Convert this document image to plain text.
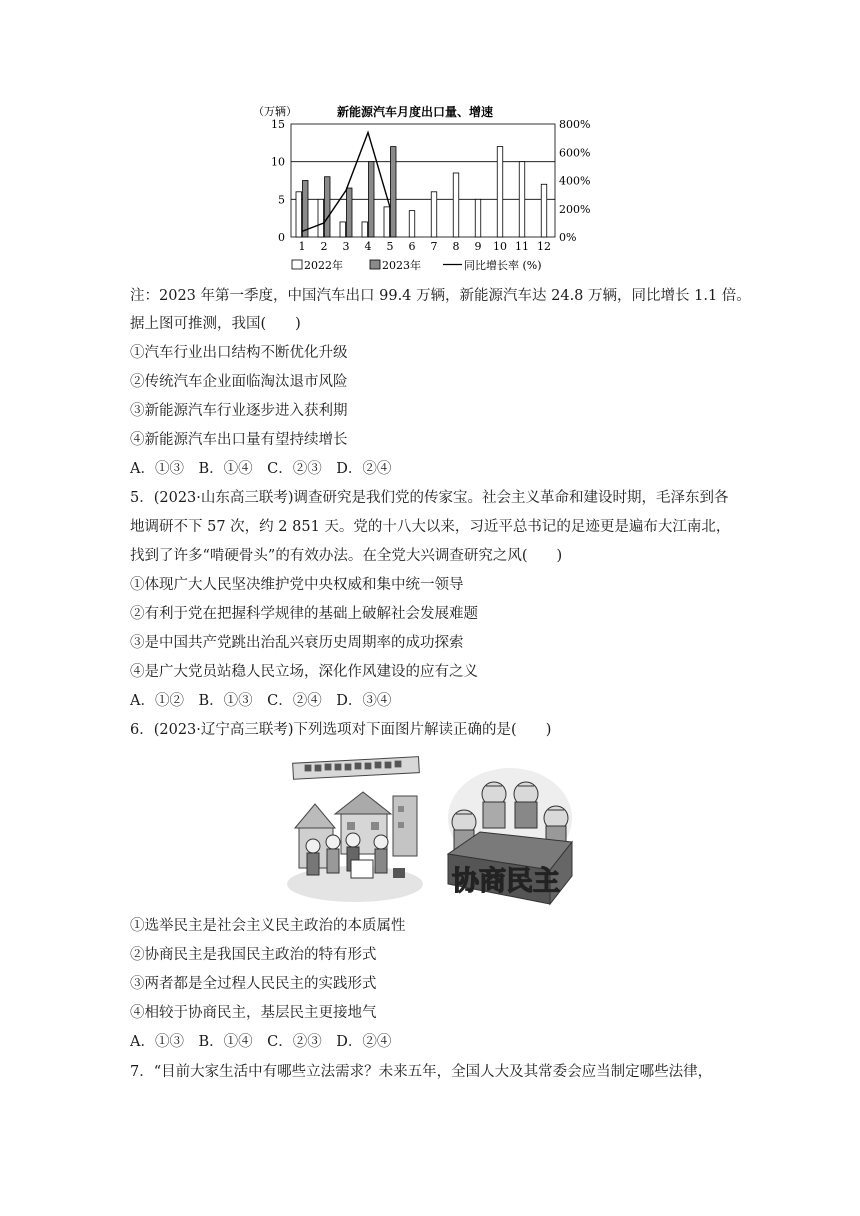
（万辆）	新能源汽车月度出口量、增速
0
5
10
15
0%
200%
400%
600%
800%
1 2 3 4 5 6 7 8 9 10 11 12
2022年	2023年	同比增长率 (%)
注：2023 年第一季度，中国汽车出口 99.4 万辆，新能源汽车达 24.8 万辆，同比增长 1.1 倍。
据上图可推测，我国(　　)
①汽车行业出口结构不断优化升级
②传统汽车企业面临淘汰退市风险
③新能源汽车行业逐步进入获利期
④新能源汽车出口量有望持续增长
A．①③　B．①④　C．②③　D．②④
5．(2023·山东高三联考)调查研究是我们党的传家宝。社会主义革命和建设时期，毛泽东到各
地调研不下 57 次，约 2 851 天。党的十八大以来，习近平总书记的足迹更是遍布大江南北，
找到了许多“啃硬骨头”的有效办法。在全党大兴调查研究之风(　　)
①体现广大人民坚决维护党中央权威和集中统一领导
②有利于党在把握科学规律的基础上破解社会发展难题
③是中国共产党跳出治乱兴衰历史周期率的成功探索
④是广大党员站稳人民立场，深化作风建设的应有之义
A．①②　B．①③　C．②④　D．③④
6．(2023·辽宁高三联考)下列选项对下面图片解读正确的是(　　)
协商民主
①选举民主是社会主义民主政治的本质属性
②协商民主是我国民主政治的特有形式
③两者都是全过程人民民主的实践形式
④相较于协商民主，基层民主更接地气
A．①③　B．①④　C．②③　D．②④
7．“目前大家生活中有哪些立法需求？未来五年，全国人大及其常委会应当制定哪些法律，
